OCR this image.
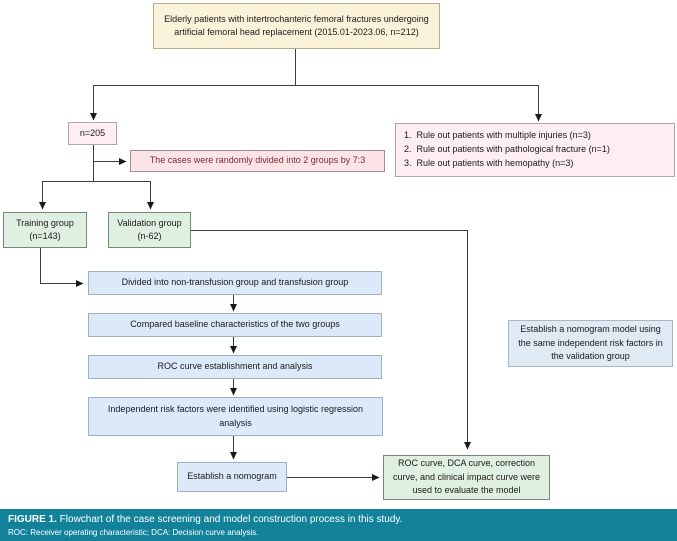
Elderly patients with intertrochanteric femoral fractures undergoing artificial femoral head replacement (2015.01-2023.06, n=212)
n=205	1.  Rule out patients with multiple injuries (n=3)
2.  Rule out patients with pathological fracture (n=1)
3.  Rule out patients with hemopathy (n=3)
The cases were randomly divided into 2 groups by 7:3
Training group
(n=143)
Validation group
(n-62)
Divided into non-transfusion group and transfusion group
Compared baseline characteristics of the two groups
ROC curve establishment and analysis
Independent risk factors were identified using logistic regression analysis
Establish a nomogram
Establish a nomogram model using the same independent risk factors in the validation group
ROC curve, DCA curve, correction curve, and clinical impact curve were used to evaluate the model
FIGURE 1. Flowchart of the case screening and model construction process in this study.
ROC: Receiver operating characteristic; DCA: Decision curve analysis.
